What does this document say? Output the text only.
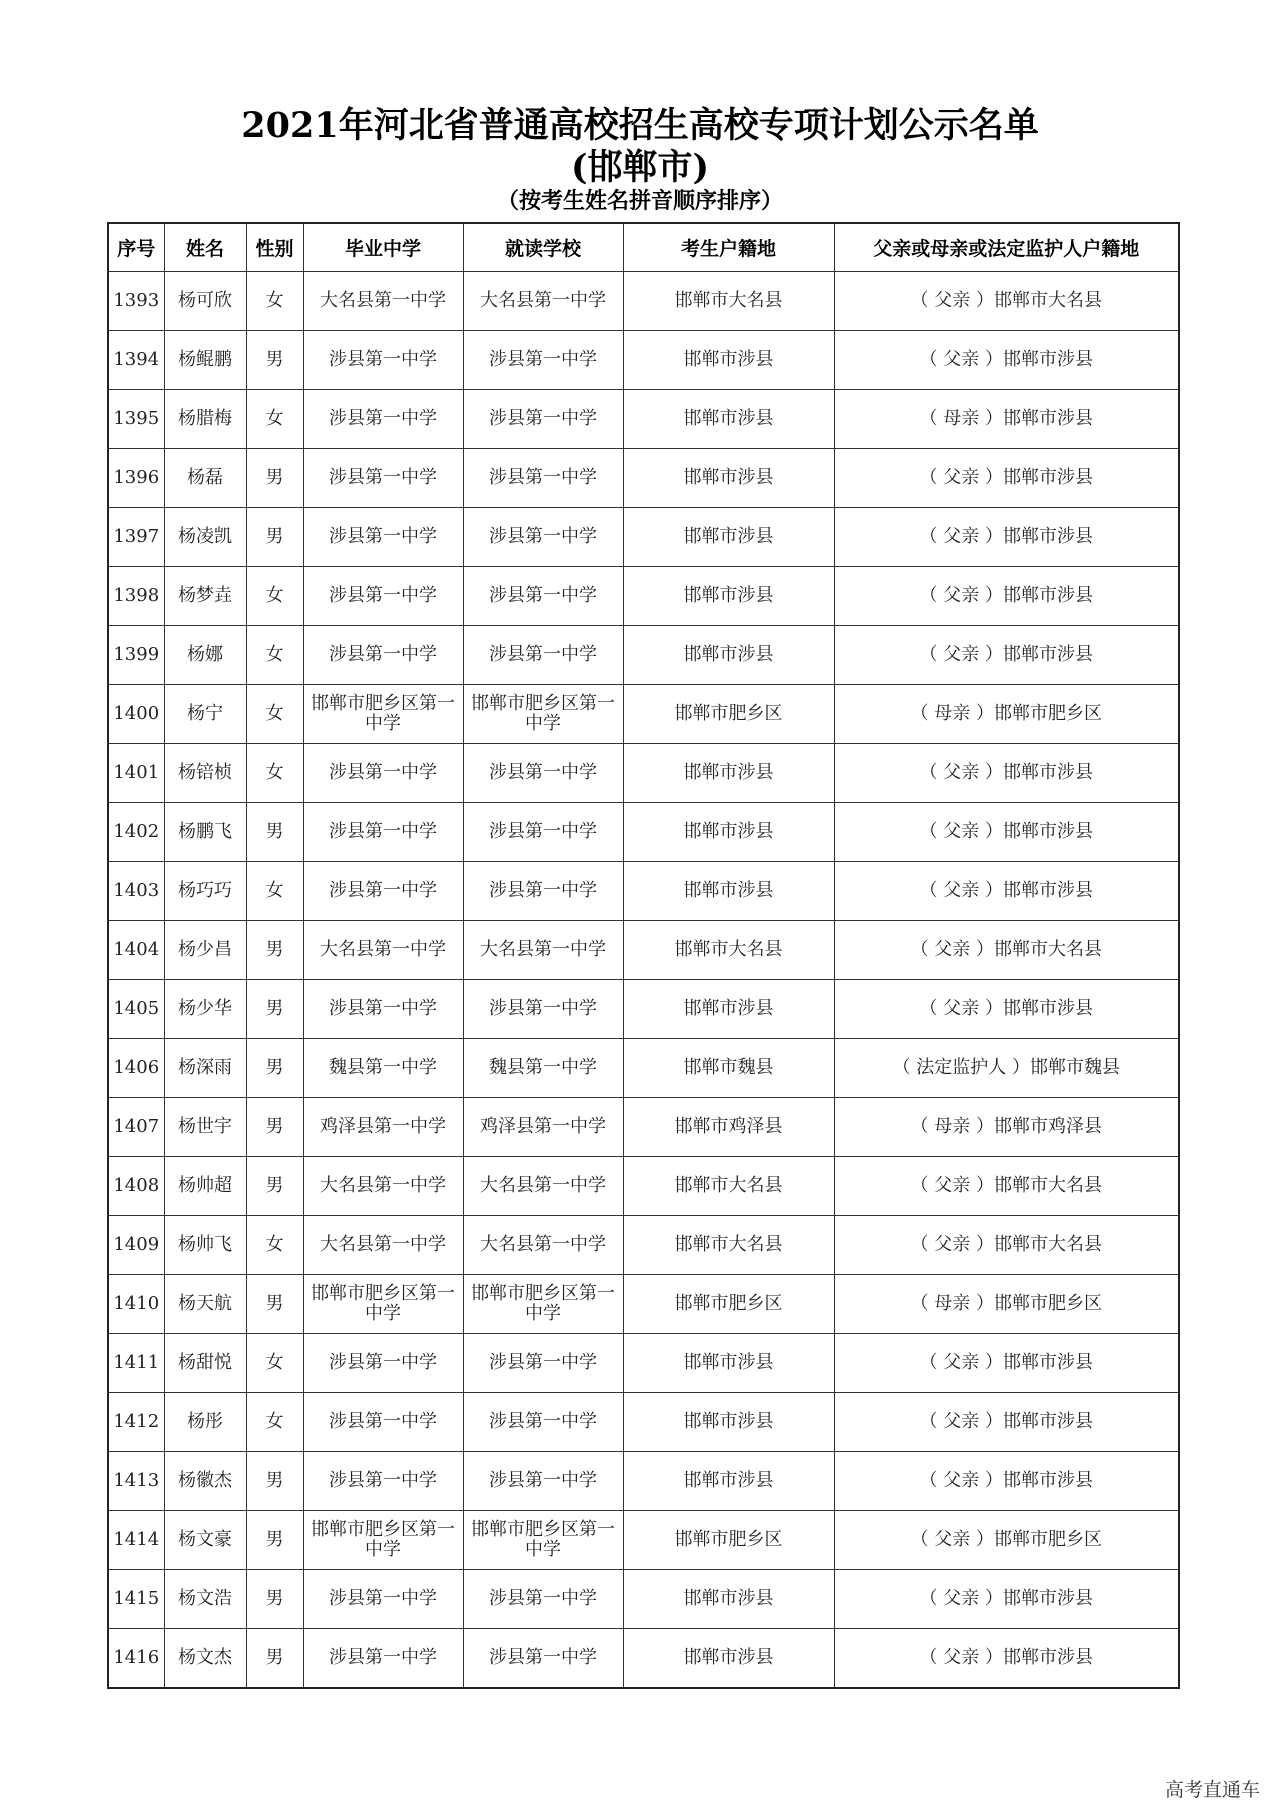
2021年河北省普通高校招生高校专项计划公示名单
(邯郸市)
（按考生姓名拼音顺序排序）
序号	姓名	性别	毕业中学	就读学校	考生户籍地	父亲或母亲或法定监护人户籍地
1393	杨可欣	女	大名县第一中学	大名县第一中学	邯郸市大名县	（ 父亲 ）邯郸市大名县
1394	杨鲲鹏	男	涉县第一中学	涉县第一中学	邯郸市涉县	（ 父亲 ）邯郸市涉县
1395	杨腊梅	女	涉县第一中学	涉县第一中学	邯郸市涉县	（ 母亲 ）邯郸市涉县
1396	杨磊	男	涉县第一中学	涉县第一中学	邯郸市涉县	（ 父亲 ）邯郸市涉县
1397	杨凌凯	男	涉县第一中学	涉县第一中学	邯郸市涉县	（ 父亲 ）邯郸市涉县
1398	杨梦垚	女	涉县第一中学	涉县第一中学	邯郸市涉县	（ 父亲 ）邯郸市涉县
1399	杨娜	女	涉县第一中学	涉县第一中学	邯郸市涉县	（ 父亲 ）邯郸市涉县
1400	杨宁	女	邯郸市肥乡区第一中学	邯郸市肥乡区第一中学	邯郸市肥乡区	（ 母亲 ）邯郸市肥乡区
1401	杨锫桢	女	涉县第一中学	涉县第一中学	邯郸市涉县	（ 父亲 ）邯郸市涉县
1402	杨鹏飞	男	涉县第一中学	涉县第一中学	邯郸市涉县	（ 父亲 ）邯郸市涉县
1403	杨巧巧	女	涉县第一中学	涉县第一中学	邯郸市涉县	（ 父亲 ）邯郸市涉县
1404	杨少昌	男	大名县第一中学	大名县第一中学	邯郸市大名县	（ 父亲 ）邯郸市大名县
1405	杨少华	男	涉县第一中学	涉县第一中学	邯郸市涉县	（ 父亲 ）邯郸市涉县
1406	杨深雨	男	魏县第一中学	魏县第一中学	邯郸市魏县	（ 法定监护人 ）邯郸市魏县
1407	杨世宇	男	鸡泽县第一中学	鸡泽县第一中学	邯郸市鸡泽县	（ 母亲 ）邯郸市鸡泽县
1408	杨帅超	男	大名县第一中学	大名县第一中学	邯郸市大名县	（ 父亲 ）邯郸市大名县
1409	杨帅飞	女	大名县第一中学	大名县第一中学	邯郸市大名县	（ 父亲 ）邯郸市大名县
1410	杨天航	男	邯郸市肥乡区第一中学	邯郸市肥乡区第一中学	邯郸市肥乡区	（ 母亲 ）邯郸市肥乡区
1411	杨甜悦	女	涉县第一中学	涉县第一中学	邯郸市涉县	（ 父亲 ）邯郸市涉县
1412	杨彤	女	涉县第一中学	涉县第一中学	邯郸市涉县	（ 父亲 ）邯郸市涉县
1413	杨徽杰	男	涉县第一中学	涉县第一中学	邯郸市涉县	（ 父亲 ）邯郸市涉县
1414	杨文豪	男	邯郸市肥乡区第一中学	邯郸市肥乡区第一中学	邯郸市肥乡区	（ 父亲 ）邯郸市肥乡区
1415	杨文浩	男	涉县第一中学	涉县第一中学	邯郸市涉县	（ 父亲 ）邯郸市涉县
1416	杨文杰	男	涉县第一中学	涉县第一中学	邯郸市涉县	（ 父亲 ）邯郸市涉县
高考直通车
